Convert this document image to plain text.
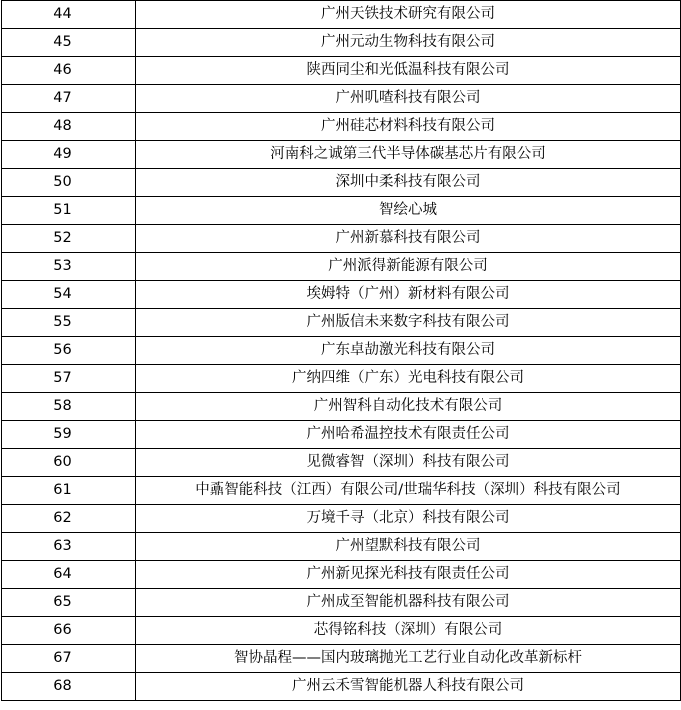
44	广州天铁技术研究有限公司
45	广州元动生物科技有限公司
46	陕西同尘和光低温科技有限公司
47	广州叽喳科技有限公司
48	广州硅芯材料科技有限公司
49	河南科之诚第三代半导体碳基芯片有限公司
50	深圳中柔科技有限公司
51	智绘心城
52	广州新慕科技有限公司
53	广州派得新能源有限公司
54	埃姆特（广州）新材料有限公司
55	广州版信未来数字科技有限公司
56	广东卓劼激光科技有限公司
57	广纳四维（广东）光电科技有限公司
58	广州智科自动化技术有限公司
59	广州哈希温控技术有限责任公司
60	见微睿智（深圳）科技有限公司
61	中鼒智能科技（江西）有限公司/世瑞华科技（深圳）科技有限公司
62	万境千寻（北京）科技有限公司
63	广州望默科技有限公司
64	广州新见探光科技有限责任公司
65	广州成至智能机器科技有限公司
66	芯得铭科技（深圳）有限公司
67	智协晶程——国内玻璃抛光工艺行业自动化改革新标杆
68	广州云禾雪智能机器人科技有限公司
